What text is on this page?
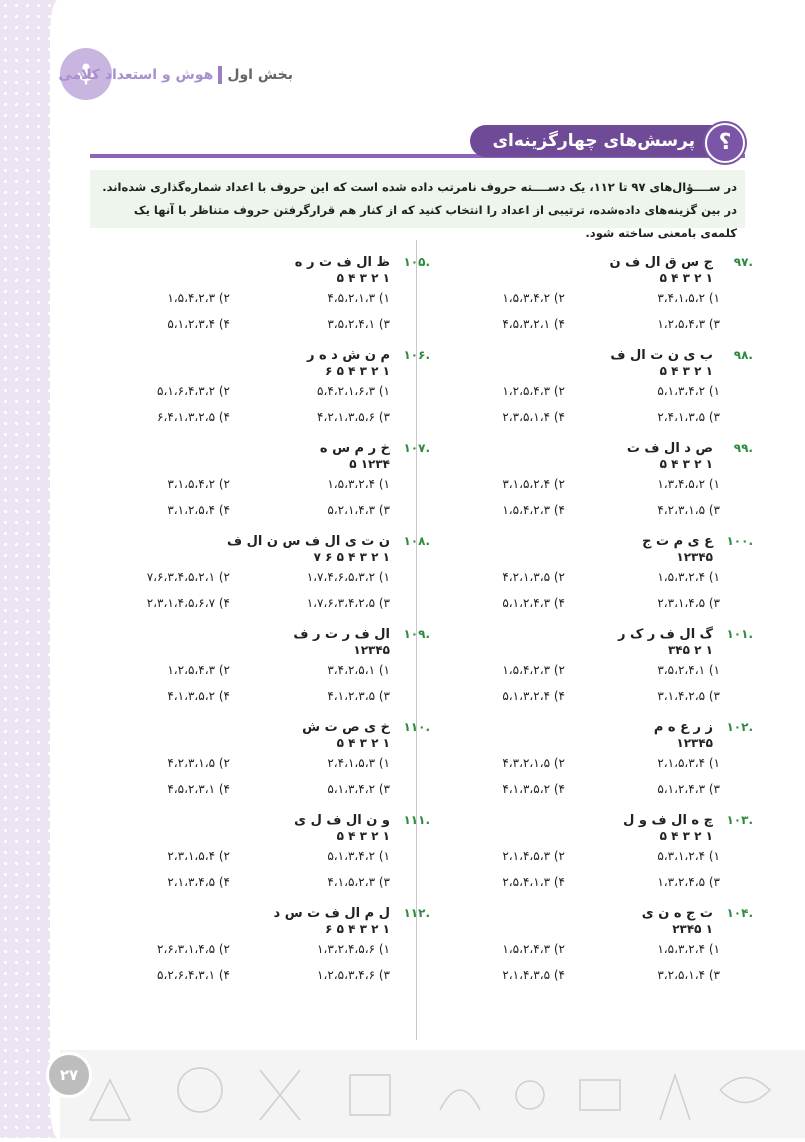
بخش اولهوش و استعداد کلامی
پرسش‌های چهارگزینه‌ای	؟
در ســــؤال‌های ۹۷ تا ۱۱۲، یک دســــته حروف نامرتب داده شده است که این حروف با اعداد شماره‌گذاری شده‌اند. در بین گزینه‌های داده‌شده، ترتیبی از اعداد را انتخاب کنید که از کنار هم قرارگرفتن حروف متناظر با آنها یک کلمه‌ی بامعنی ساخته شود.
۹۷.
ج س ق ال ف ن
۱ ۲ ۳ ۴ ۵
۱) ۳،۴،۱،۵،۲
۲) ۱،۵،۳،۴،۲
۳) ۱،۲،۵،۴،۳
۴) ۴،۵،۳،۲،۱
۹۸.
ب ی ن ت ال ف
۱ ۲ ۳ ۴ ۵
۱) ۵،۱،۳،۴،۲
۲) ۱،۲،۵،۴،۳
۳) ۲،۴،۱،۳،۵
۴) ۲،۳،۵،۱،۴
۹۹.
ص د ال ف ت
۱ ۲ ۳ ۴ ۵
۱) ۱،۳،۴،۵،۲
۲) ۳،۱،۵،۲،۴
۳) ۴،۲،۳،۱،۵
۴) ۱،۵،۴،۲،۳
۱۰۰.
ع ی م ت ج
۱۲۳۴۵
۱) ۱،۵،۳،۲،۴
۲) ۴،۲،۱،۳،۵
۳) ۲،۳،۱،۴،۵
۴) ۵،۱،۲،۴،۳
۱۰۱.
گ ال ف ر ک ر
۱ ۲ ۳۴۵
۱) ۳،۵،۲،۴،۱
۲) ۱،۵،۴،۲،۳
۳) ۳،۱،۴،۲،۵
۴) ۵،۱،۳،۲،۴
۱۰۲.
ز ر ع ه م
۱۲۳۴۵
۱) ۲،۱،۵،۳،۴
۲) ۴،۳،۲،۱،۵
۳) ۵،۱،۲،۴،۳
۴) ۴،۱،۳،۵،۲
۱۰۳.
چ ه ال ف و ل
۱ ۲ ۳ ۴ ۵
۱) ۵،۳،۱،۲،۴
۲) ۲،۱،۴،۵،۳
۳) ۱،۳،۲،۴،۵
۴) ۲،۵،۴،۱،۳
۱۰۴.
ت ج ه ن ی
۱ ۲۳۴۵
۱) ۱،۵،۳،۲،۴
۲) ۱،۵،۲،۴،۳
۳) ۳،۲،۵،۱،۴
۴) ۲،۱،۴،۳،۵
۱۰۵.
ظ ال ف ت ر ه
۱ ۲ ۳ ۴ ۵
۱) ۴،۵،۲،۱،۳
۲) ۱،۵،۴،۲،۳
۳) ۳،۵،۲،۴،۱
۴) ۵،۱،۲،۳،۴
۱۰۶.
م ن ش د ه ر
۱ ۲ ۳ ۴ ۵ ۶
۱) ۵،۴،۲،۱،۶،۳
۲) ۵،۱،۶،۴،۳،۲
۳) ۴،۲،۱،۳،۵،۶
۴) ۶،۴،۱،۳،۲،۵
۱۰۷.
خ ر م س ه
۱۲۳۴ ۵
۱) ۱،۵،۳،۲،۴
۲) ۳،۱،۵،۴،۲
۳) ۵،۲،۱،۴،۳
۴) ۳،۱،۲،۵،۴
۱۰۸.
ن ت ی ال ف س ن ال ف
۱ ۲ ۳ ۴ ۵ ۶ ۷
۱) ۱،۷،۴،۶،۵،۳،۲
۲) ۷،۶،۳،۴،۵،۲،۱
۳) ۱،۷،۶،۳،۴،۲،۵
۴) ۲،۳،۱،۴،۵،۶،۷
۱۰۹.
ال ف ر ت ر ف
۱۲۳۴۵
۱) ۳،۴،۲،۵،۱
۲) ۱،۲،۵،۴،۳
۳) ۴،۱،۲،۳،۵
۴) ۴،۱،۳،۵،۲
۱۱۰.
خ ی ص ت ش
۱ ۲ ۳ ۴ ۵
۱) ۲،۴،۱،۵،۳
۲) ۴،۲،۳،۱،۵
۳) ۵،۱،۳،۴،۲
۴) ۴،۵،۲،۳،۱
۱۱۱.
و ن ال ف ل ی
۱ ۲ ۳ ۴ ۵
۱) ۵،۱،۳،۴،۲
۲) ۲،۳،۱،۵،۴
۳) ۴،۱،۵،۲،۳
۴) ۲،۱،۳،۴،۵
۱۱۲.
ل م ال ف ت س د
۱ ۲ ۳ ۴ ۵ ۶
۱) ۱،۳،۲،۴،۵،۶
۲) ۲،۶،۳،۱،۴،۵
۳) ۱،۲،۵،۳،۴،۶
۴) ۵،۲،۶،۴،۳،۱
۲۷
